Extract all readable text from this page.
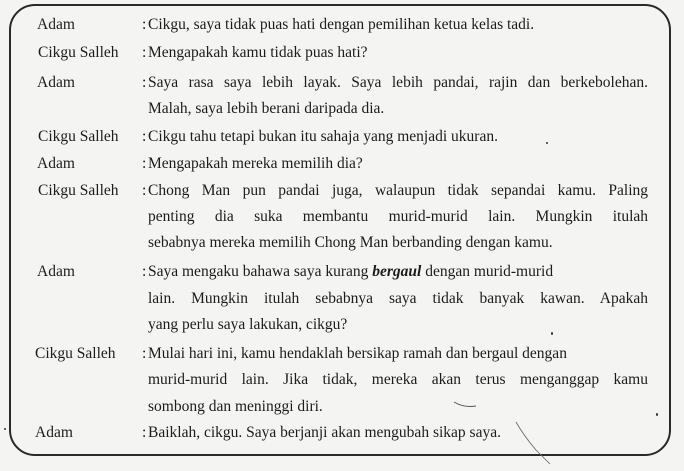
Adam	: Cikgu, saya tidak puas hati dengan pemilihan ketua kelas tadi.
Cikgu Salleh : Mengapakah kamu tidak puas hati?
Adam	: Saya rasa saya lebih layak. Saya lebih pandai, rajin dan berkebolehan.
Malah, saya lebih berani daripada dia.
Cikgu Salleh : Cikgu tahu tetapi bukan itu sahaja yang menjadi ukuran.
Adam	: Mengapakah mereka memilih dia?
Cikgu Salleh : Chong Man pun pandai juga, walaupun tidak sepandai kamu. Paling
penting dia suka membantu murid-murid lain. Mungkin itulah
sebabnya mereka memilih Chong Man berbanding dengan kamu.
Adam	: Saya mengaku bahawa saya kurang bergaul dengan murid-murid
lain. Mungkin itulah sebabnya saya tidak banyak kawan. Apakah
yang perlu saya lakukan, cikgu?
Cikgu Salleh : Mulai hari ini, kamu hendaklah bersikap ramah dan bergaul dengan
murid-murid lain. Jika tidak, mereka akan terus menganggap kamu
sombong dan meninggi diri.
Adam	: Baiklah, cikgu. Saya berjanji akan mengubah sikap saya.
